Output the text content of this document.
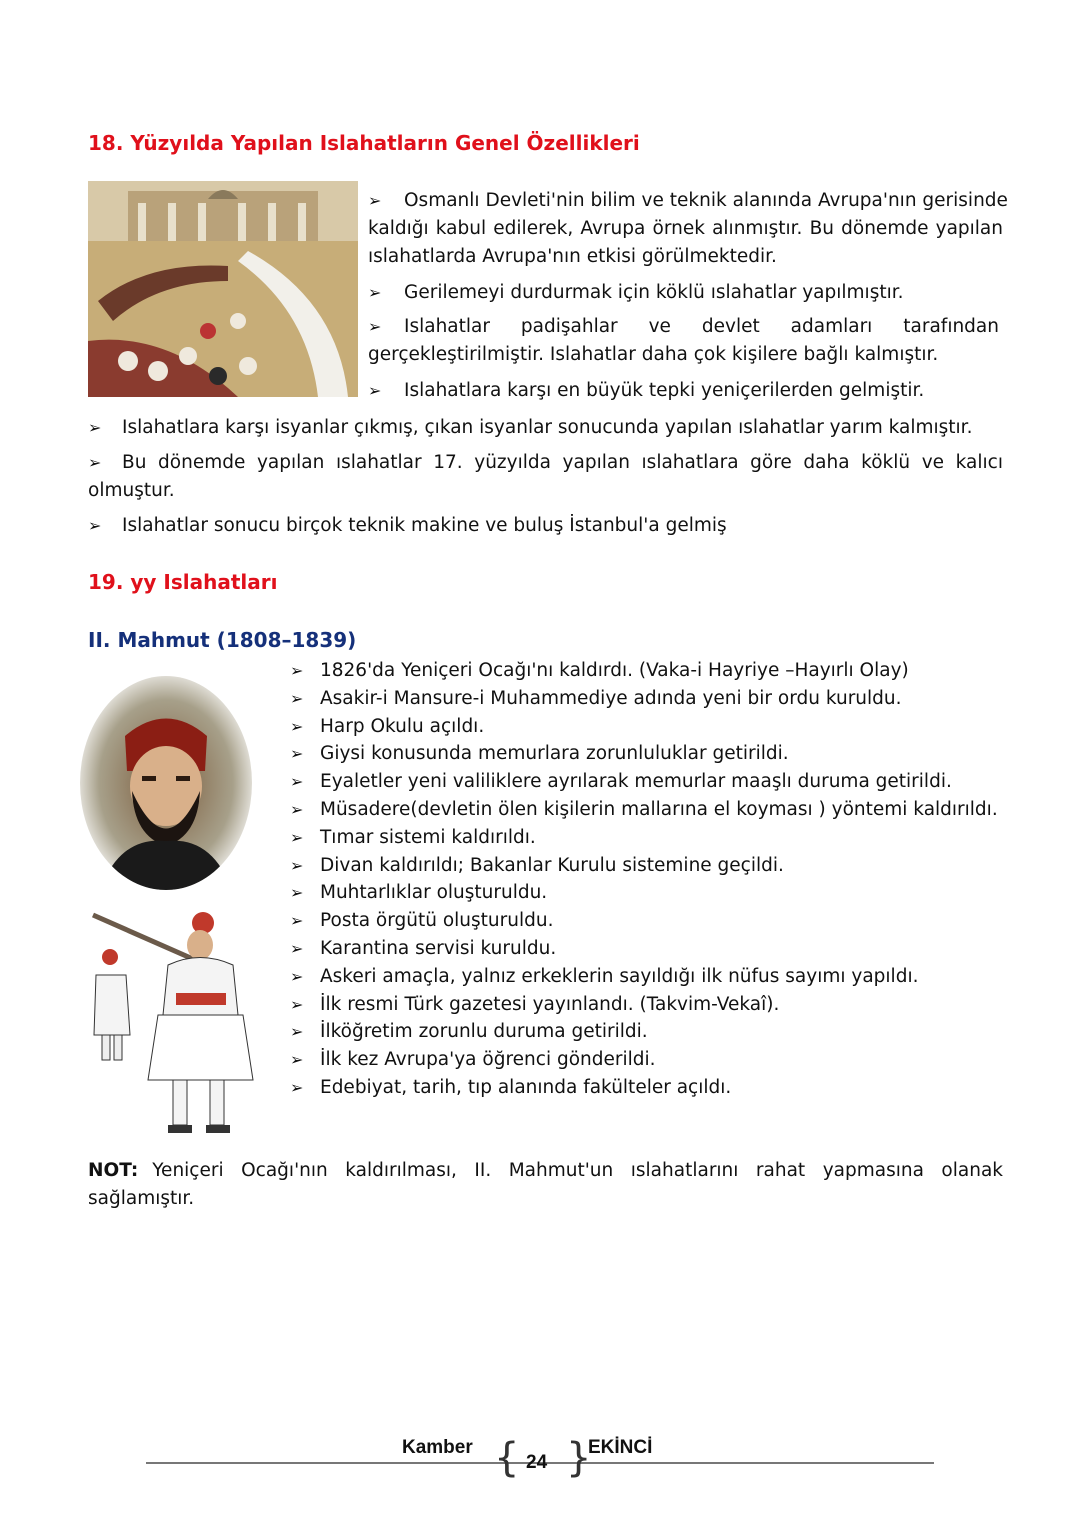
18. Yüzyılda Yapılan Islahatların Genel Özellikleri
➢ Osmanlı Devleti'nin bilim ve teknik alanında Avrupa'nın gerisinde
kaldığı kabul edilerek, Avrupa örnek alınmıştır. Bu dönemde yapılan
ıslahatlarda Avrupa'nın etkisi görülmektedir.
➢ Gerilemeyi durdurmak için köklü ıslahatlar yapılmıştır.
➢	Islahatlar padişahlar ve devlet adamları tarafından
gerçekleştirilmiştir. Islahatlar daha çok kişilere bağlı kalmıştır.
➢ Islahatlara karşı en büyük tepki yeniçerilerden gelmiştir.
➢ Islahatlara karşı isyanlar çıkmış, çıkan isyanlar sonucunda yapılan ıslahatlar yarım kalmıştır.
➢	Bu dönemde yapılan ıslahatlar 17. yüzyılda yapılan ıslahatlara göre daha köklü ve kalıcı
olmuştur.
➢ Islahatlar sonucu birçok teknik makine ve buluş İstanbul'a gelmiş
19. yy Islahatları
II. Mahmut (1808–1839)
➢ 1826'da Yeniçeri Ocağı'nı kaldırdı. (Vaka-i Hayriye –Hayırlı Olay)
➢ Asakir-i Mansure-i Muhammediye adında yeni bir ordu kuruldu.
➢ Harp Okulu açıldı.
➢ Giysi konusunda memurlara zorunluluklar getirildi.
➢ Eyaletler yeni valiliklere ayrılarak memurlar maaşlı duruma getirildi.
➢ Müsadere(devletin ölen kişilerin mallarına el koyması ) yöntemi kaldırıldı.
➢ Tımar sistemi kaldırıldı.
➢ Divan kaldırıldı; Bakanlar Kurulu sistemine geçildi.
➢ Muhtarlıklar oluşturuldu.
➢ Posta örgütü oluşturuldu.
➢ Karantina servisi kuruldu.
➢ Askeri amaçla, yalnız erkeklerin sayıldığı ilk nüfus sayımı yapıldı.
➢ İlk resmi Türk gazetesi yayınlandı. (Takvim-Vekaî).
➢ İlköğretim zorunlu duruma getirildi.
➢ İlk kez Avrupa'ya öğrenci gönderildi.
➢ Edebiyat, tarih, tıp alanında fakülteler açıldı.
NOT: Yeniçeri Ocağı'nın kaldırılması, II. Mahmut'un ıslahatlarını rahat yapmasına olanak
sağlamıştır.
Kamber { 24 }
EKİNCİ
